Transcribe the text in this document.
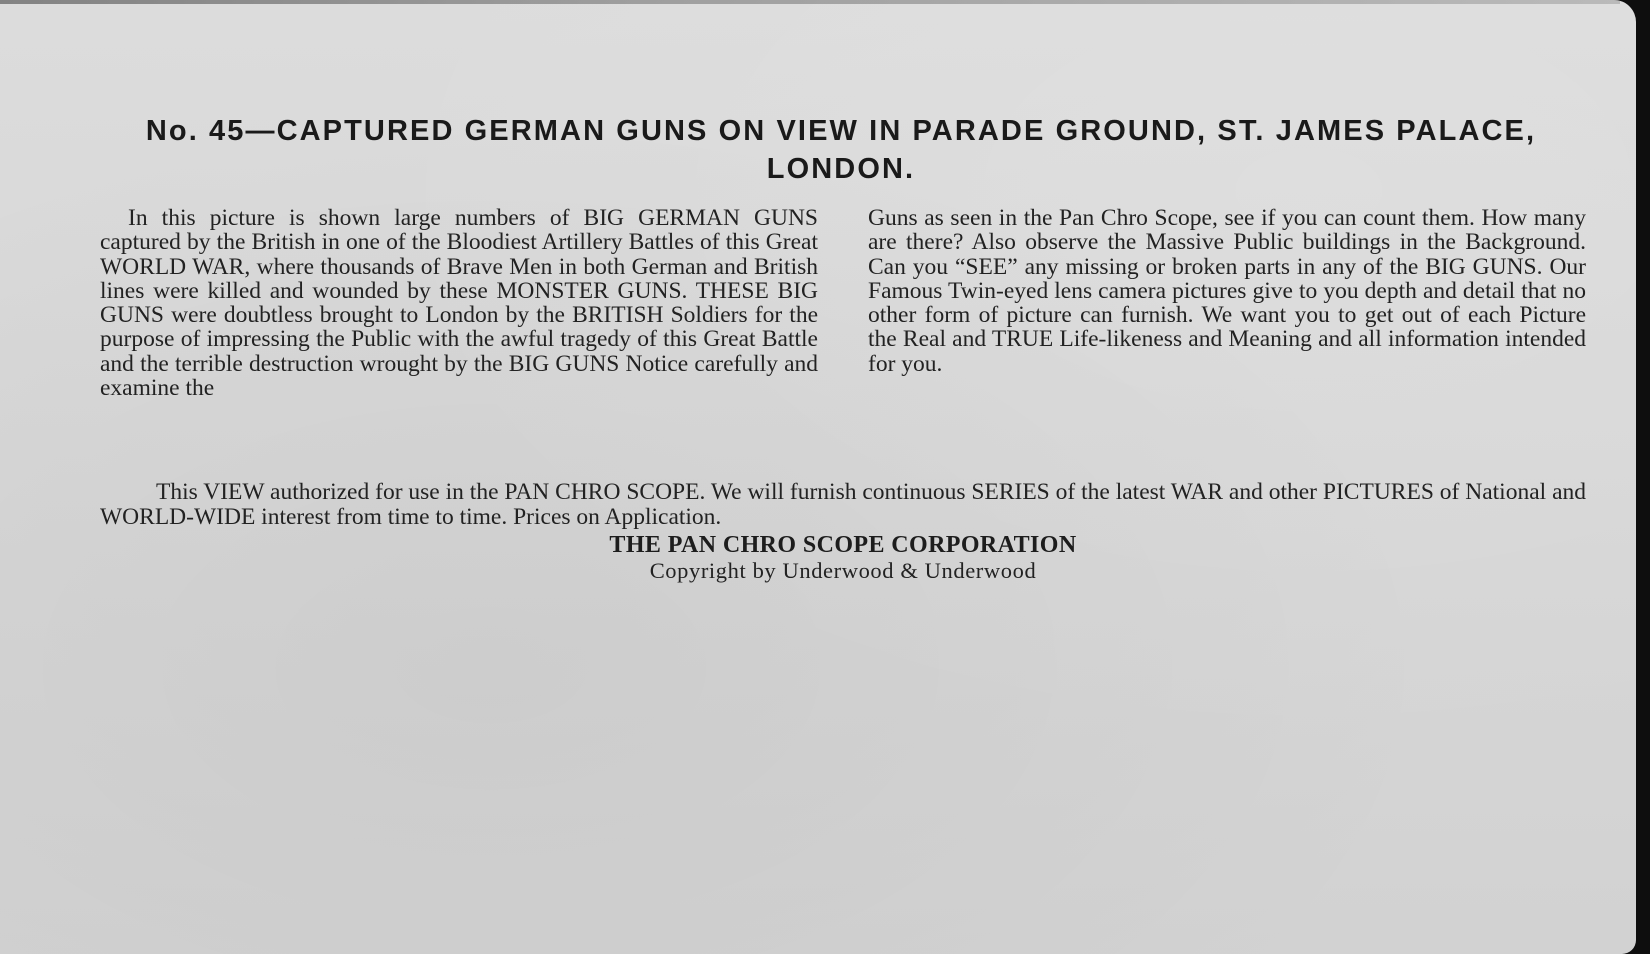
No. 45—CAPTURED GERMAN GUNS ON VIEW IN PARADE GROUND, ST. JAMES PALACE, LONDON.

In this picture is shown large numbers of BIG GERMAN GUNS captured by the British in one of the Bloodiest Artillery Battles of this Great WORLD WAR, where thousands of Brave Men in both German and British lines were killed and wounded by these MONSTER GUNS. THESE BIG GUNS were doubtless brought to London by the BRITISH Soldiers for the purpose of impressing the Public with the awful tragedy of this Great Battle and the terrible destruction wrought by the BIG GUNS Notice carefully and examine the

Guns as seen in the Pan Chro Scope, see if you can count them. How many are there? Also observe the Massive Public buildings in the Background. Can you “SEE” any missing or broken parts in any of the BIG GUNS. Our Famous Twin-eyed lens camera pictures give to you depth and detail that no other form of picture can furnish. We want you to get out of each Picture the Real and TRUE Life-likeness and Meaning and all information intended for you.

This VIEW authorized for use in the PAN CHRO SCOPE. We will furnish continuous SERIES of the latest WAR and other PICTURES of National and WORLD-WIDE interest from time to time. Prices on Application.

THE PAN CHRO SCOPE CORPORATION

Copyright by Underwood & Underwood
